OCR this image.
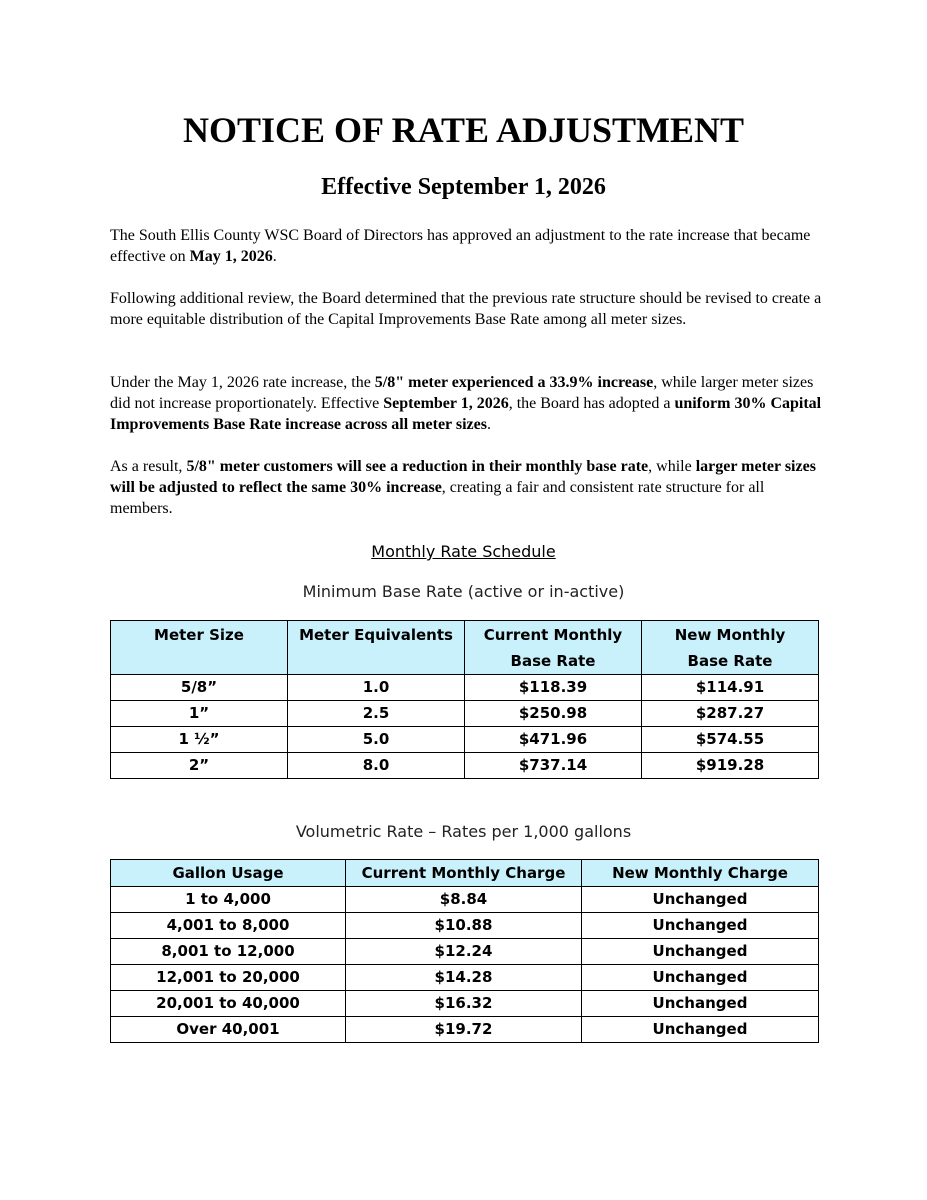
NOTICE OF RATE ADJUSTMENT
Effective September 1, 2026

The South Ellis County WSC Board of Directors has approved an adjustment to the rate increase that became effective on May 1, 2026.

Following additional review, the Board determined that the previous rate structure should be revised to create a more equitable distribution of the Capital Improvements Base Rate among all meter sizes.

Under the May 1, 2026 rate increase, the 5/8" meter experienced a 33.9% increase, while larger meter sizes did not increase proportionately. Effective September 1, 2026, the Board has adopted a uniform 30% Capital Improvements Base Rate increase across all meter sizes.

As a result, 5/8" meter customers will see a reduction in their monthly base rate, while larger meter sizes will be adjusted to reflect the same 30% increase, creating a fair and consistent rate structure for all members.

Monthly Rate Schedule
Minimum Base Rate (active or in-active)
Meter Size	Meter Equivalents	Current Monthly Base Rate	New Monthly Base Rate
5/8”	1.0	$118.39	$114.91
1”	2.5	$250.98	$287.27
1 ½”	5.0	$471.96	$574.55
2”	8.0	$737.14	$919.28
Volumetric Rate – Rates per 1,000 gallons
Gallon Usage	Current Monthly Charge	New Monthly Charge
1 to 4,000	$8.84	Unchanged
4,001 to 8,000	$10.88	Unchanged
8,001 to 12,000	$12.24	Unchanged
12,001 to 20,000	$14.28	Unchanged
20,001 to 40,000	$16.32	Unchanged
Over 40,001	$19.72	Unchanged
